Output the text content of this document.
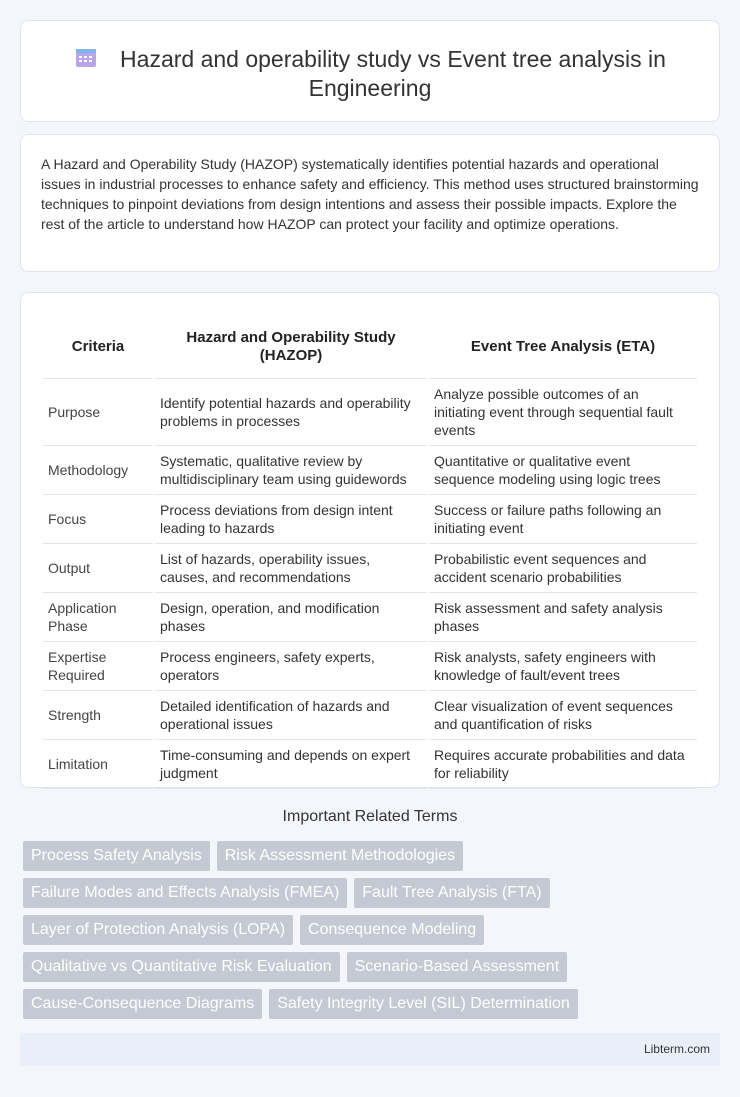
Hazard and operability study vs Event tree analysis in Engineering

A Hazard and Operability Study (HAZOP) systematically identifies potential hazards and operational issues in industrial processes to enhance safety and efficiency. This method uses structured brainstorming techniques to pinpoint deviations from design intentions and assess their possible impacts. Explore the rest of the article to understand how HAZOP can protect your facility and optimize operations.

Criteria	Hazard and Operability Study (HAZOP)	Event Tree Analysis (ETA)
Purpose	Identify potential hazards and operability problems in processes	Analyze possible outcomes of an initiating event through sequential fault events
Methodology	Systematic, qualitative review by multidisciplinary team using guidewords	Quantitative or qualitative event sequence modeling using logic trees
Focus	Process deviations from design intent leading to hazards	Success or failure paths following an initiating event
Output	List of hazards, operability issues, causes, and recommendations	Probabilistic event sequences and accident scenario probabilities
Application Phase	Design, operation, and modification phases	Risk assessment and safety analysis phases
Expertise Required	Process engineers, safety experts, operators	Risk analysts, safety engineers with knowledge of fault/event trees
Strength	Detailed identification of hazards and operational issues	Clear visualization of event sequences and quantification of risks
Limitation	Time-consuming and depends on expert judgment	Requires accurate probabilities and data for reliability
Important Related Terms
Process Safety Analysis Risk Assessment Methodologies
Failure Modes and Effects Analysis (FMEA) Fault Tree Analysis (FTA)
Layer of Protection Analysis (LOPA) Consequence Modeling
Qualitative vs Quantitative Risk Evaluation Scenario-Based Assessment
Cause-Consequence Diagrams Safety Integrity Level (SIL) Determination
Libterm.com
